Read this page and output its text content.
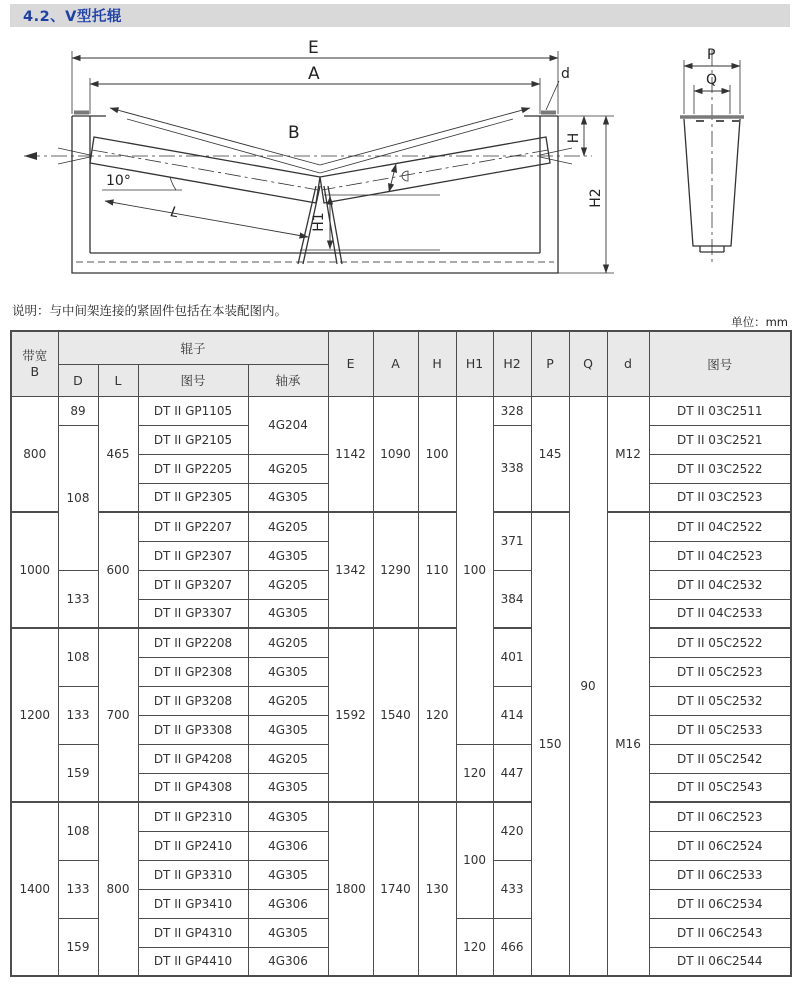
4.2、V型托辊
E
A	d
B
10°
L	H1
H
H2
P
Q
说明：与中间架连接的紧固件包括在本装配图内。
单位：mm
带宽
B	辊子				E	A	H	H1	H2	P	Q	d	图号
	D	L	图号	轴承									
800	89	465	DT II GP1105	4G204	1142	1090	100	100	328	145	90	M12	DT II 03C2511
	108		DT II GP2105						338				DT II 03C2521
			DT II GP2205	4G205									DT II 03C2522
			DT II GP2305	4G305									DT II 03C2523
1000		600	DT II GP2207	4G205	1342	1290	110		371	150		M16	DT II 04C2522
			DT II GP2307	4G305									DT II 04C2523
	133		DT II GP3207	4G205					384				DT II 04C2532
			DT II GP3307	4G305									DT II 04C2533
1200	108	700	DT II GP2208	4G205	1592	1540	120		401				DT II 05C2522
			DT II GP2308	4G305									DT II 05C2523
	133		DT II GP3208	4G205					414				DT II 05C2532
			DT II GP3308	4G305									DT II 05C2533
	159		DT II GP4208	4G205				120	447				DT II 05C2542
			DT II GP4308	4G305									DT II 05C2543
1400	108	800	DT II GP2310	4G305	1800	1740	130	100	420				DT II 06C2523
			DT II GP2410	4G306									DT II 06C2524
	133		DT II GP3310	4G305					433				DT II 06C2533
			DT II GP3410	4G306									DT II 06C2534
	159		DT II GP4310	4G305				120	466				DT II 06C2543
			DT II GP4410	4G306									DT II 06C2544
